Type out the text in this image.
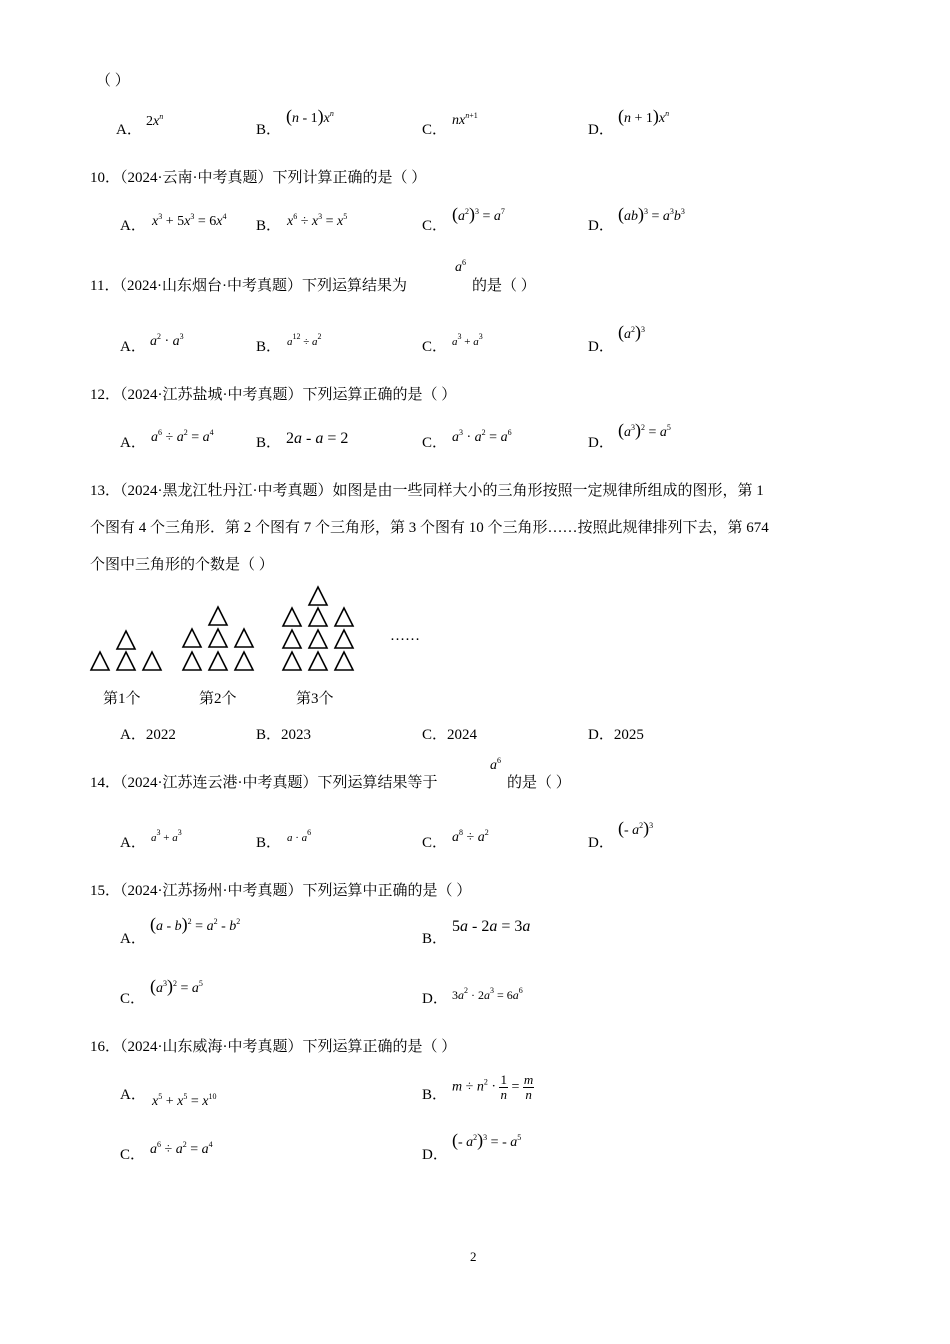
（ ）
A．
$2x^n$
B．
$(n - 1)x^n$
C．
$nx^{n+1}$
D．
$(n + 1)x^n$
10．（2024·云南·中考真题）下列计算正确的是（ ）
A． $x^3 + 5x^3 = 6x^4$
B． $x^6 \div x^3 = x^5$
C．
$(a^2)^3 = a^7$
D．
$(ab)^3 = a^3b^3$
11．（2024·山东烟台·中考真题）下列运算结果为
$a^6$
的是（ ）
A． $a^2 \cdot a^3$
B． $a^{12} \div a^2$
C． $a^3 + a^3$
D．
$(a^2)^3$
12．（2024·江苏盐城·中考真题）下列运算正确的是（ ）
A． $a^6 \div a^2 = a^4$
B． 2a - a = 2	C． $a^3 \cdot a^2 = a^6$
D．
$(a^3)^2 = a^5$
13．（2024·黑龙江牡丹江·中考真题）如图是由一些同样大小的三角形按照一定规律所组成的图形，第 1
个图有 4 个三角形．第 2 个图有 7 个三角形，第 3 个图有 10 个三角形……按照此规律排列下去，第 674
个图中三角形的个数是（ ）
……
第1个	第2个	第3个
A．2022	B．2023	C．2024	D．2025
14．（2024·江苏连云港·中考真题）下列运算结果等于
$a^6$
的是（ ）
A． $a^3 + a^3$
B． $a \cdot a^6$
C． $a^8 \div a^2$
D．
(- $a^2)^3$
15．（2024·江苏扬州·中考真题）下列运算中正确的是（ ）
A．
$(a - b)^2 = a^2 - b^2$
B．
5a - 2a = 3a
C．
$(a^3)^2 = a^5$
D． $3a^2 \cdot 2a^3 = 6a^6$
16．（2024·山东威海·中考真题）下列运算正确的是（ ）
A． $x^5 + x^5 = x^{10}$	B． $m \div n^2 \cdot \frac{1}{n} = \frac{m}{n}$
C． $a^6 \div a^2 = a^4$
D．
(- $a^2)^3$ = - $a^5$
2
